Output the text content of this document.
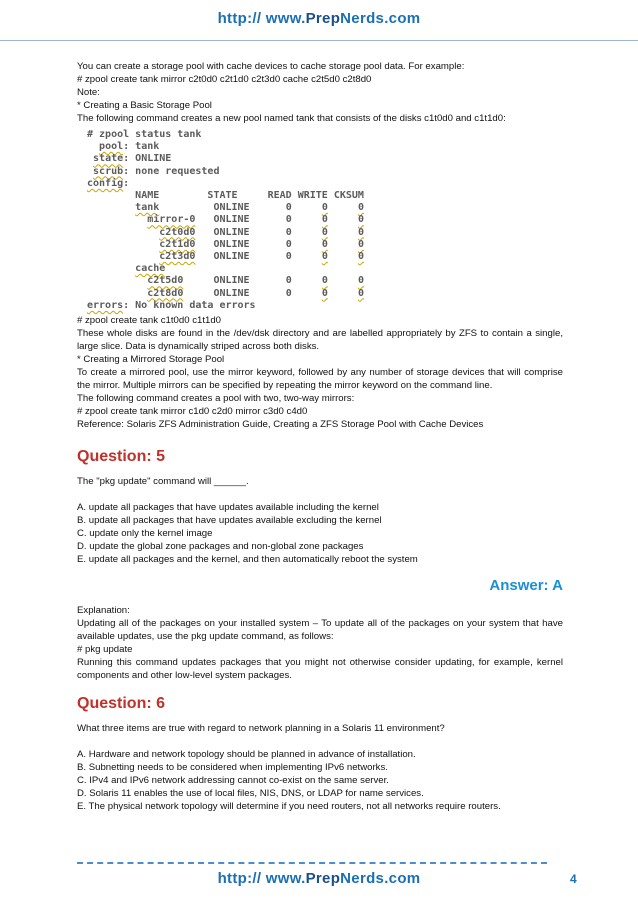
http:// www.PrepNerds.com

You can create a storage pool with cache devices to cache storage pool data. For example:

# zpool create tank mirror c2t0d0 c2t1d0 c2t3d0 cache c2t5d0 c2t8d0

Note:

* Creating a Basic Storage Pool

The following command creates a new pool named tank that consists of the disks c1t0d0 and c1t1d0:

# zpool status tank
pool: tank
state: ONLINE
scrub: none requested
config:
NAME        STATE     READ WRITE CKSUM
tank	ONLINE	0	0	0
mirror-0 ONLINE	0	0	0
c2t0d0 ONLINE	0	0	0
c2t1d0 ONLINE	0	0	0
c2t3d0 ONLINE	0	0	0
cache
c2t5d0	ONLINE	0	0	0
c2t8d0	ONLINE	0	0	0
errors: No known data errors

# zpool create tank c1t0d0 c1t1d0

These whole disks are found in the /dev/dsk directory and are labelled appropriately by ZFS to contain a single, large slice. Data is dynamically striped across both disks.

* Creating a Mirrored Storage Pool

To create a mirrored pool, use the mirror keyword, followed by any number of storage devices that will comprise the mirror. Multiple mirrors can be specified by repeating the mirror keyword on the command line.

The following command creates a pool with two, two-way mirrors:

# zpool create tank mirror c1d0 c2d0 mirror c3d0 c4d0

Reference: Solaris ZFS Administration Guide, Creating a ZFS Storage Pool with Cache Devices

Question: 5

The "pkg update" command will ______.

A. update all packages that have updates available including the kernel

B. update all packages that have updates available excluding the kernel

C. update only the kernel image

D. update the global zone packages and non-global zone packages

E. update all packages and the kernel, and then automatically reboot the system

Answer: A

Explanation:

Updating all of the packages on your installed system – To update all of the packages on your system that have available updates, use the pkg update command, as follows:

# pkg update

Running this command updates packages that you might not otherwise consider updating, for example, kernel components and other low-level system packages.

Question: 6

What three items are true with regard to network planning in a Solaris 11 environment?

A. Hardware and network topology should be planned in advance of installation.

B. Subnetting needs to be considered when implementing IPv6 networks.

C. IPv4 and IPv6 network addressing cannot co-exist on the same server.

D. Solaris 11 enables the use of local files, NIS, DNS, or LDAP for name services.

E. The physical network topology will determine if you need routers, not all networks require routers.

http:// www.PrepNerds.com	4
